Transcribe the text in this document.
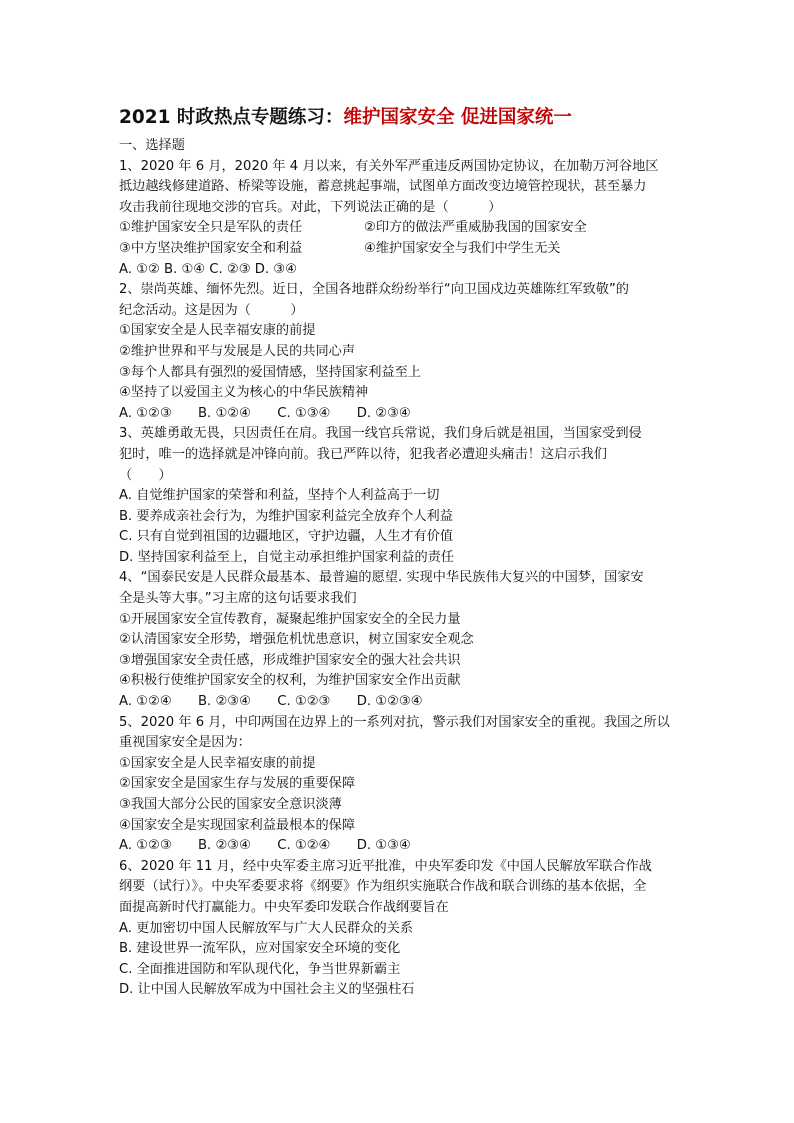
2021 时政热点专题练习：维护国家安全 促进国家统一
一、选择题
1、2020 年 6 月，2020 年 4 月以来，有关外军严重违反两国协定协议，在加勒万河谷地区
抵边越线修建道路、桥梁等设施，蓄意挑起事端，试图单方面改变边境管控现状，甚至暴力
攻击我前往现地交涉的官兵。对此，下列说法正确的是（　　　）
①维护国家安全只是军队的责任	②印方的做法严重威胁我国的国家安全
③中方坚决维护国家安全和利益	④维护国家安全与我们中学生无关
A. ①② B. ①④ C. ②③ D. ③④
2、崇尚英雄、缅怀先烈。近日，全国各地群众纷纷举行“向卫国戍边英雄陈红军致敬”的
纪念活动。这是因为（　　　）
①国家安全是人民幸福安康的前提
②维护世界和平与发展是人民的共同心声
③每个人都具有强烈的爱国情感，坚持国家利益至上
④坚持了以爱国主义为核心的中华民族精神
A. ①②③　　B. ①②④　　C. ①③④　　D. ②③④
3、英雄勇敢无畏，只因责任在肩。我国一线官兵常说，我们身后就是祖国，当国家受到侵
犯时，唯一的选择就是冲锋向前。我已严阵以待，犯我者必遭迎头痛击！这启示我们
（　　）
A. 自觉维护国家的荣誉和利益，坚持个人利益高于一切
B. 要养成亲社会行为，为维护国家利益完全放弃个人利益
C. 只有自觉到祖国的边疆地区，守护边疆，人生才有价值
D. 坚持国家利益至上，自觉主动承担维护国家利益的责任
4、“国泰民安是人民群众最基本、最普遍的愿望. 实现中华民族伟大复兴的中国梦，国家安
全是头等大事。”习主席的这句话要求我们
①开展国家安全宣传教育，凝聚起维护国家安全的全民力量
②认清国家安全形势，增强危机忧患意识，树立国家安全观念
③增强国家安全责任感，形成维护国家安全的强大社会共识
④积极行使维护国家安全的权利，为维护国家安全作出贡献
A. ①②④　　B. ②③④　　C. ①②③　　D. ①②③④
5、2020 年 6 月，中印两国在边界上的一系列对抗，警示我们对国家安全的重视。我国之所以
重视国家安全是因为：
①国家安全是人民幸福安康的前提
②国家安全是国家生存与发展的重要保障
③我国大部分公民的国家安全意识淡薄
④国家安全是实现国家利益最根本的保障
A. ①②③　　B. ②③④　　C. ①②④　　D. ①③④
6、2020 年 11 月，经中央军委主席习近平批准，中央军委印发《中国人民解放军联合作战
纲要（试行）》。中央军委要求将《纲要》作为组织实施联合作战和联合训练的基本依据，全
面提高新时代打赢能力。中央军委印发联合作战纲要旨在
A. 更加密切中国人民解放军与广大人民群众的关系
B. 建设世界一流军队，应对国家安全环境的变化
C. 全面推进国防和军队现代化，争当世界新霸主
D. 让中国人民解放军成为中国社会主义的坚强柱石
